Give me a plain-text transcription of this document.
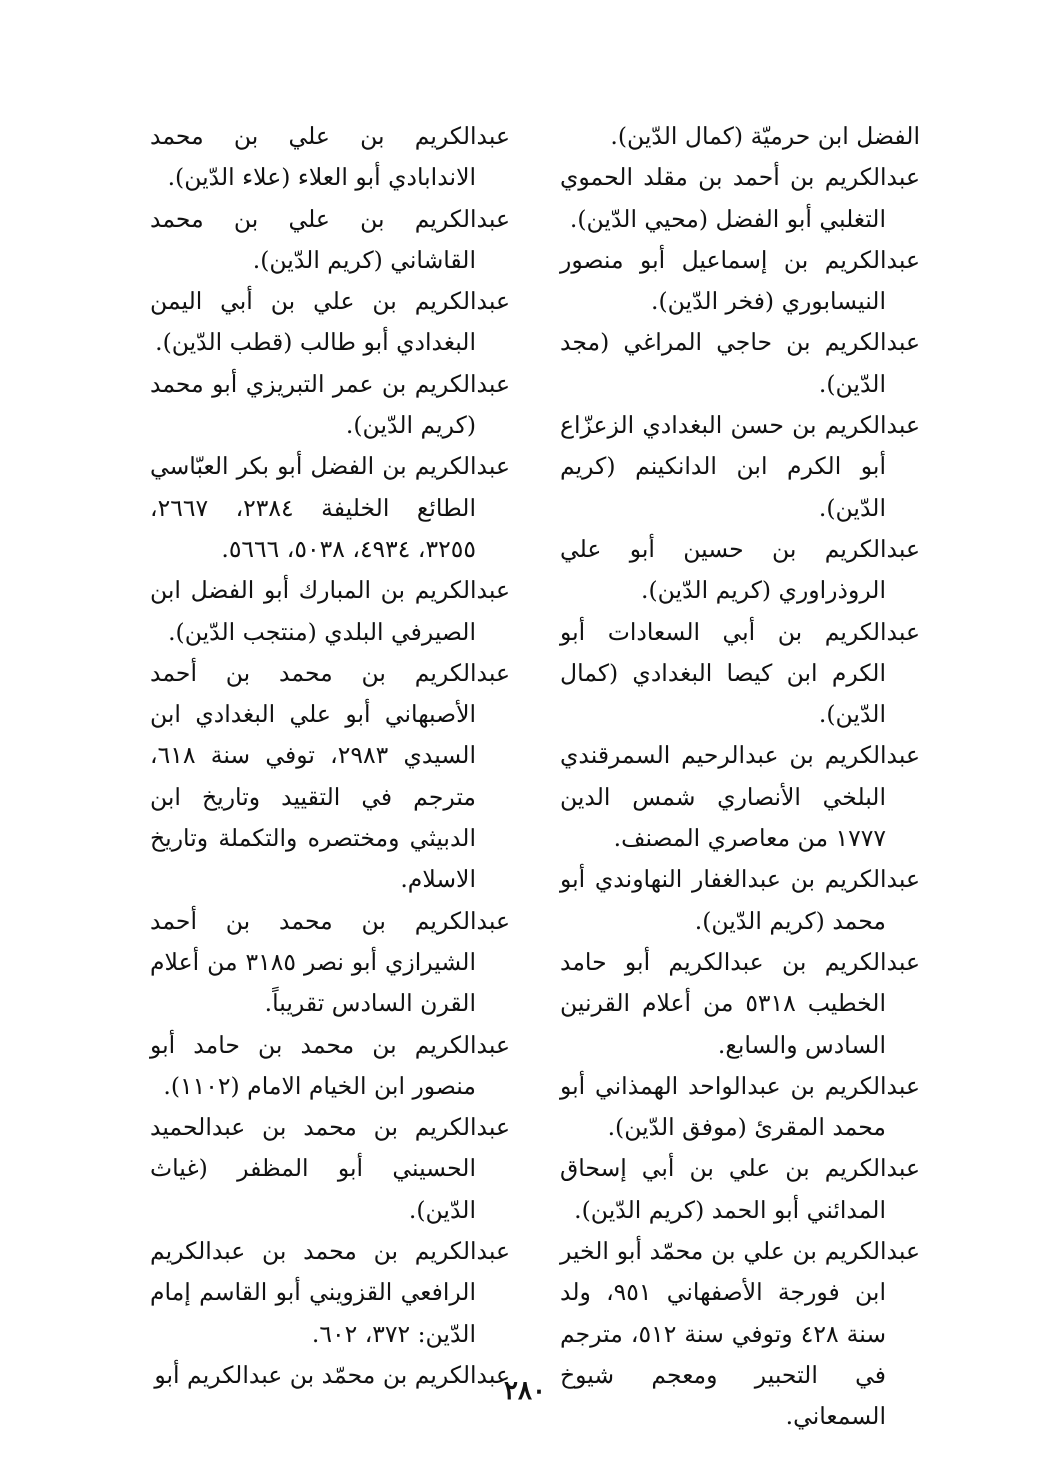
الفضل ابن حرميّة (كمال الدّين).

عبدالكريم بن أحمد بن مقلد الحموي التغلبي أبو الفضل (محيي الدّين).

عبدالكريم بن إسماعيل أبو منصور النيسابوري (فخر الدّين).

عبدالكريم بن حاجي المراغي (مجد الدّين).

عبدالكريم بن حسن البغدادي الزعزّاع أبو الكرم ابن الدانكينم (كريم الدّين).

عبدالكريم بن حسين أبو علي الروذراوري (كريم الدّين).

عبدالكريم بن أبي السعادات أبو الكرم ابن كيصا البغدادي (كمال الدّين).

عبدالكريم بن عبدالرحيم السمرقندي البلخي الأنصاري شمس الدين ١٧٧٧ من معاصري المصنف.

عبدالكريم بن عبدالغفار النهاوندي أبو محمد (كريم الدّين).

عبدالكريم بن عبدالكريم أبو حامد الخطيب ٥٣١٨ من أعلام القرنين السادس والسابع.

عبدالكريم بن عبدالواحد الهمذاني أبو محمد المقرئ (موفق الدّين).

عبدالكريم بن علي بن أبي إسحاق المدائني أبو الحمد (كريم الدّين).

عبدالكريم بن علي بن محمّد أبو الخير ابن فورجة الأصفهاني ٩٥١، ولد سنة ٤٢٨ وتوفي سنة ٥١٢، مترجم في التحبير ومعجم شيوخ السمعاني.

عبدالكريم بن علي بن محمد الاندابادي أبو العلاء (علاء الدّين).

عبدالكريم بن علي بن محمد القاشاني (كريم الدّين).

عبدالكريم بن علي بن أبي اليمن البغدادي أبو طالب (قطب الدّين).

عبدالكريم بن عمر التبريزي أبو محمد (كريم الدّين).

عبدالكريم بن الفضل أبو بكر العبّاسي الطائع الخليفة ٢٣٨٤، ٢٦٦٧، ٣٢٥٥، ٤٩٣٤، ٥٠٣٨، ٥٦٦٦.

عبدالكريم بن المبارك أبو الفضل ابن الصيرفي البلدي (منتجب الدّين).

عبدالكريم بن محمد بن أحمد الأصبهاني أبو علي البغدادي ابن السيدي ٢٩٨٣، توفي سنة ٦١٨، مترجم في التقييد وتاريخ ابن الدبيثي ومختصره والتكملة وتاريخ الاسلام.

عبدالكريم بن محمد بن أحمد الشيرازي أبو نصر ٣١٨٥ من أعلام القرن السادس تقريباً.

عبدالكريم بن محمد بن حامد أبو منصور ابن الخيام الامام (١١٠٢).

عبدالكريم بن محمد بن عبدالحميد الحسيني أبو المظفر (غياث الدّين).

عبدالكريم بن محمد بن عبدالكريم الرافعي القزويني أبو القاسم إمام الدّين: ٣٧٢، ٦٠٢.

عبدالكريم بن محمّد بن عبدالكريم أبو

٢٨٠
